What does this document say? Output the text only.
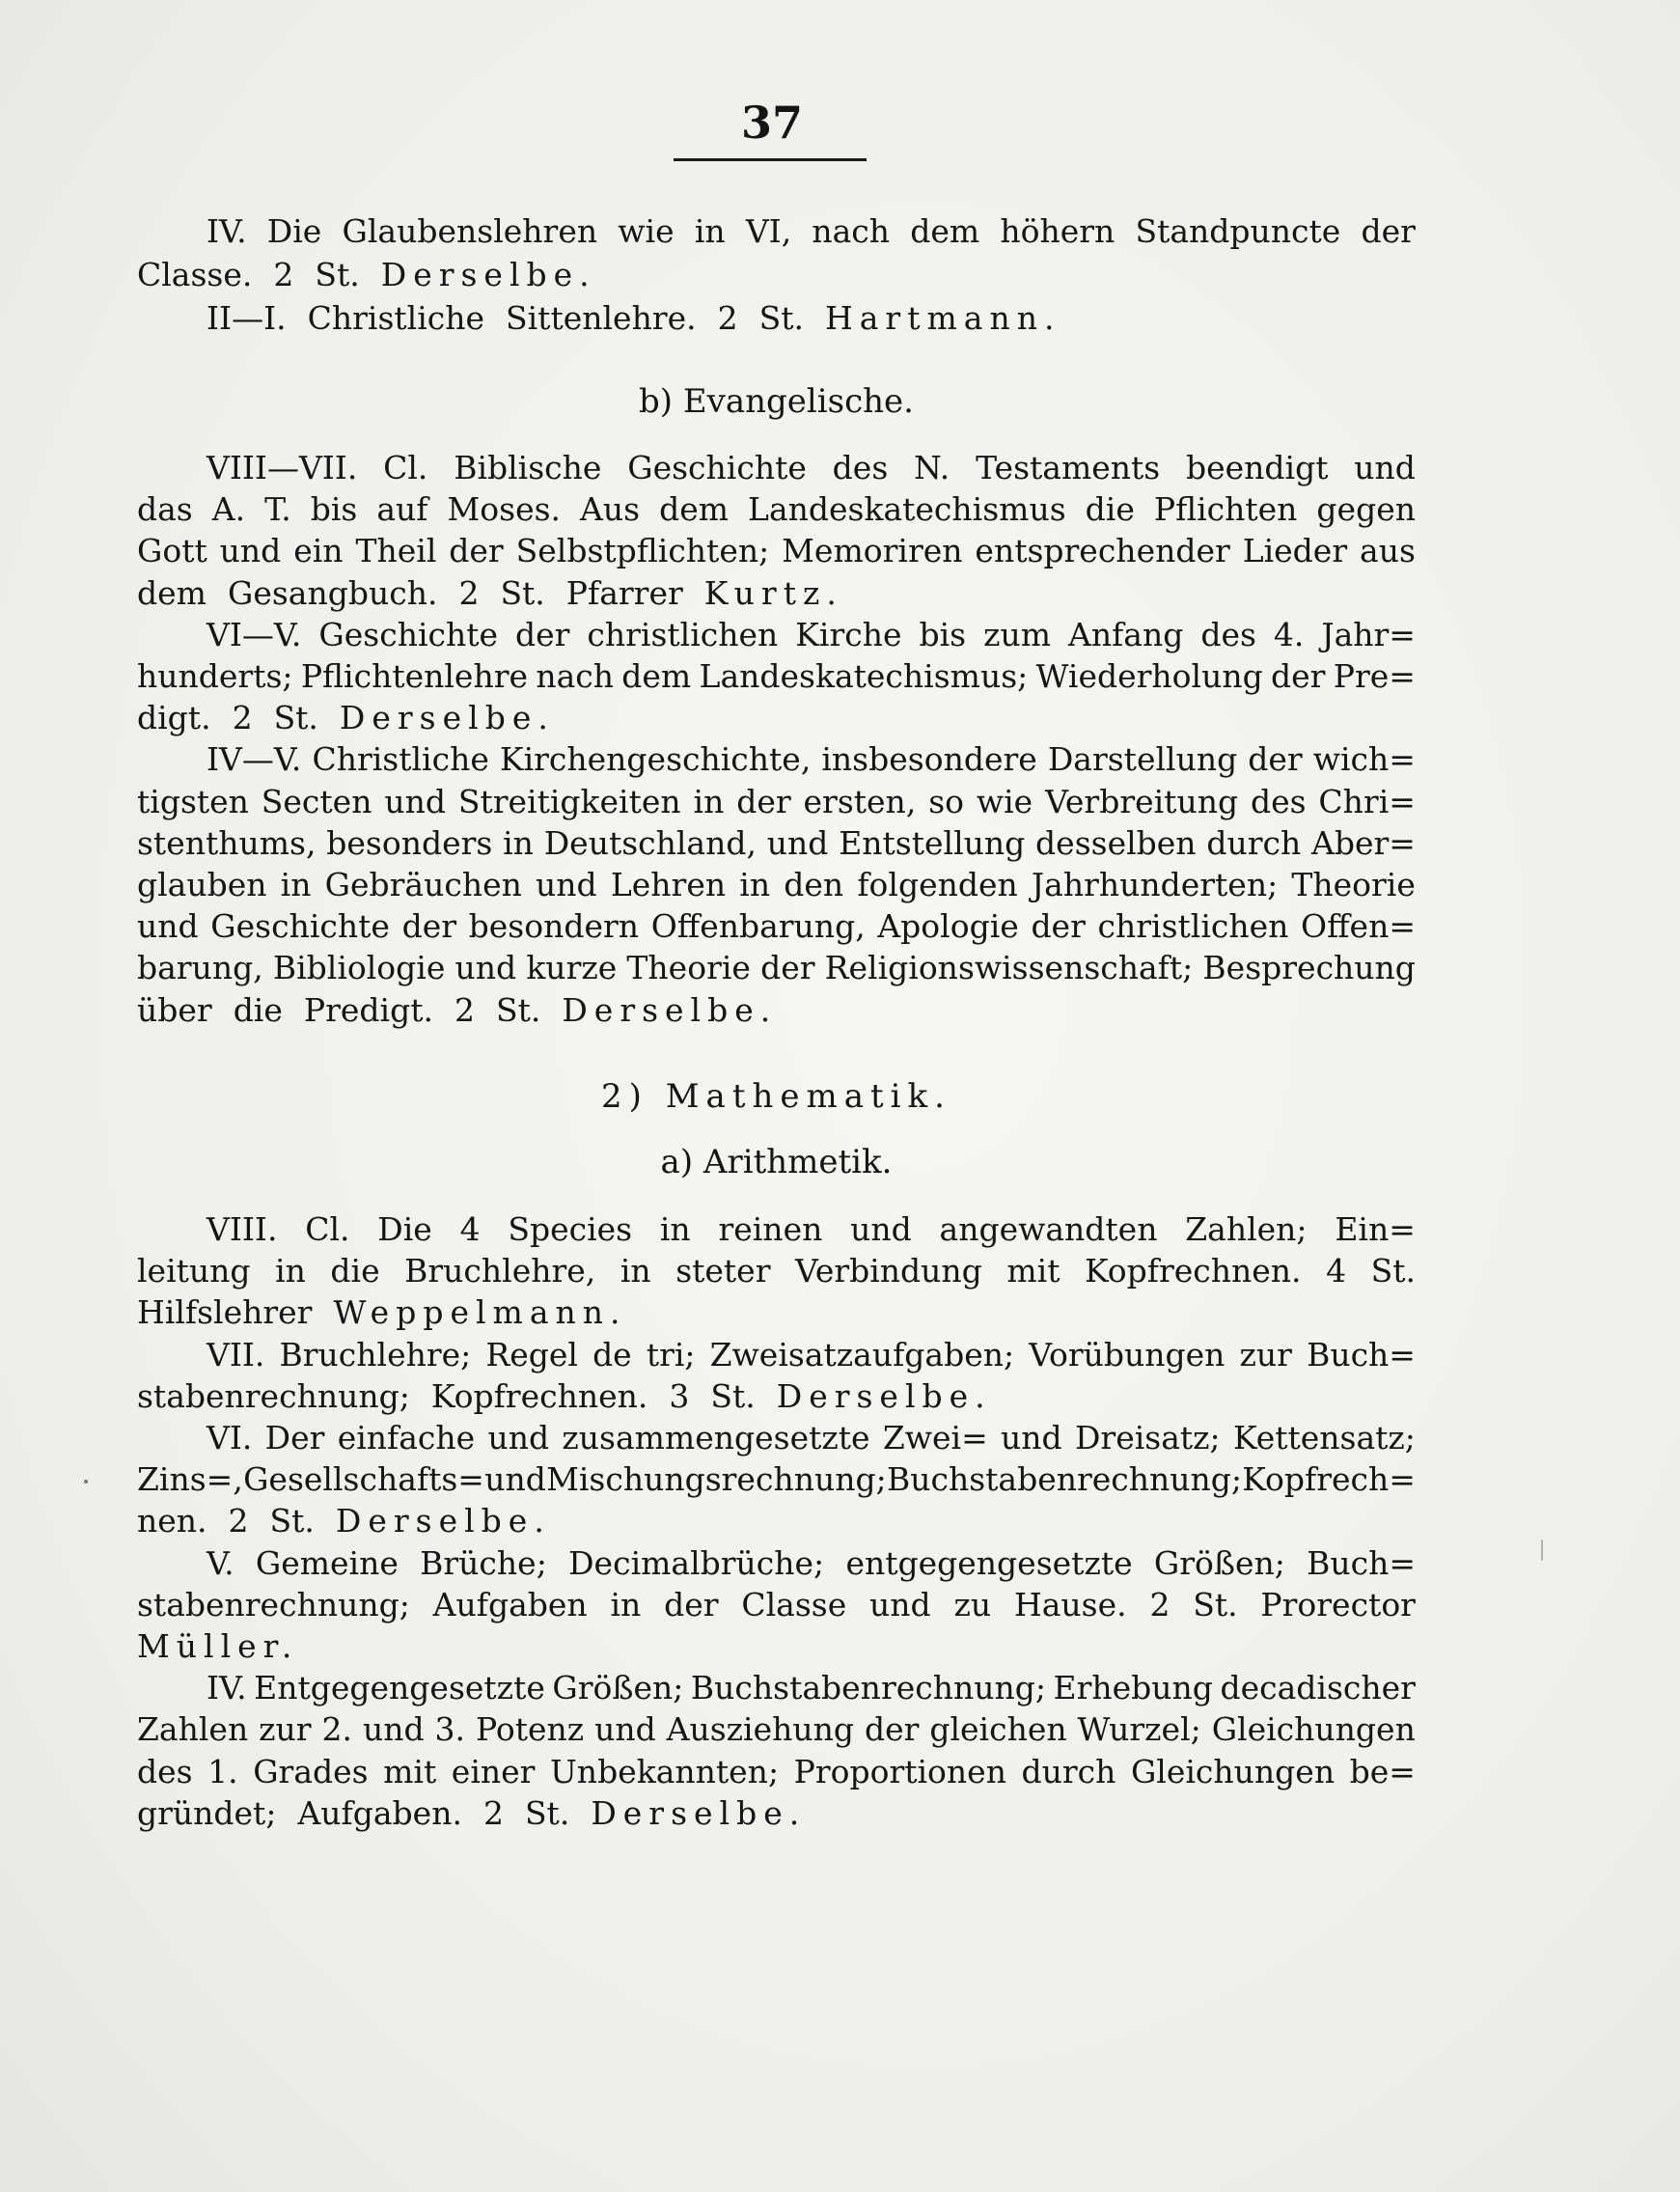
37
IV. Die Glaubenslehren wie in VI, nach dem höhern Standpuncte der
Classe. 2 St. Derselbe.
II—I. Christliche Sittenlehre. 2 St. Hartmann.
b) Evangelische.
VIII—VII. Cl. Biblische Geschichte des N. Testaments beendigt und
das A. T. bis auf Moses. Aus dem Landeskatechismus die Pflichten gegen
Gott und ein Theil der Selbstpflichten; Memoriren entsprechender Lieder aus
dem Gesangbuch. 2 St. Pfarrer Kurtz.
VI—V. Geschichte der christlichen Kirche bis zum Anfang des 4. Jahr=
hunderts; Pflichtenlehre nach dem Landeskatechismus; Wiederholung der Pre=
digt. 2 St. Derselbe.
IV—V. Christliche Kirchengeschichte, insbesondere Darstellung der wich=
tigsten Secten und Streitigkeiten in der ersten, so wie Verbreitung des Chri=
stenthums, besonders in Deutschland, und Entstellung desselben durch Aber=
glauben in Gebräuchen und Lehren in den folgenden Jahrhunderten; Theorie
und Geschichte der besondern Offenbarung, Apologie der christlichen Offen=
barung, Bibliologie und kurze Theorie der Religionswissenschaft; Besprechung
über die Predigt. 2 St. Derselbe.
2) Mathematik.
a) Arithmetik.
VIII. Cl. Die 4 Species in reinen und angewandten Zahlen; Ein=
leitung in die Bruchlehre, in steter Verbindung mit Kopfrechnen. 4 St.
Hilfslehrer Weppelmann.
VII. Bruchlehre; Regel de tri; Zweisatzaufgaben; Vorübungen zur Buch=
stabenrechnung; Kopfrechnen. 3 St. Derselbe.
VI. Der einfache und zusammengesetzte Zwei= und Dreisatz; Kettensatz;
Zins=, Gesellschafts= und Mischungsrechnung; Buchstabenrechnung; Kopfrech=
nen. 2 St. Derselbe.
V. Gemeine Brüche; Decimalbrüche; entgegengesetzte Größen; Buch=
stabenrechnung; Aufgaben in der Classe und zu Hause. 2 St. Prorector
Müller.
IV. Entgegengesetzte Größen; Buchstabenrechnung; Erhebung decadischer
Zahlen zur 2. und 3. Potenz und Ausziehung der gleichen Wurzel; Gleichungen
des 1. Grades mit einer Unbekannten; Proportionen durch Gleichungen be=
gründet; Aufgaben. 2 St. Derselbe.
